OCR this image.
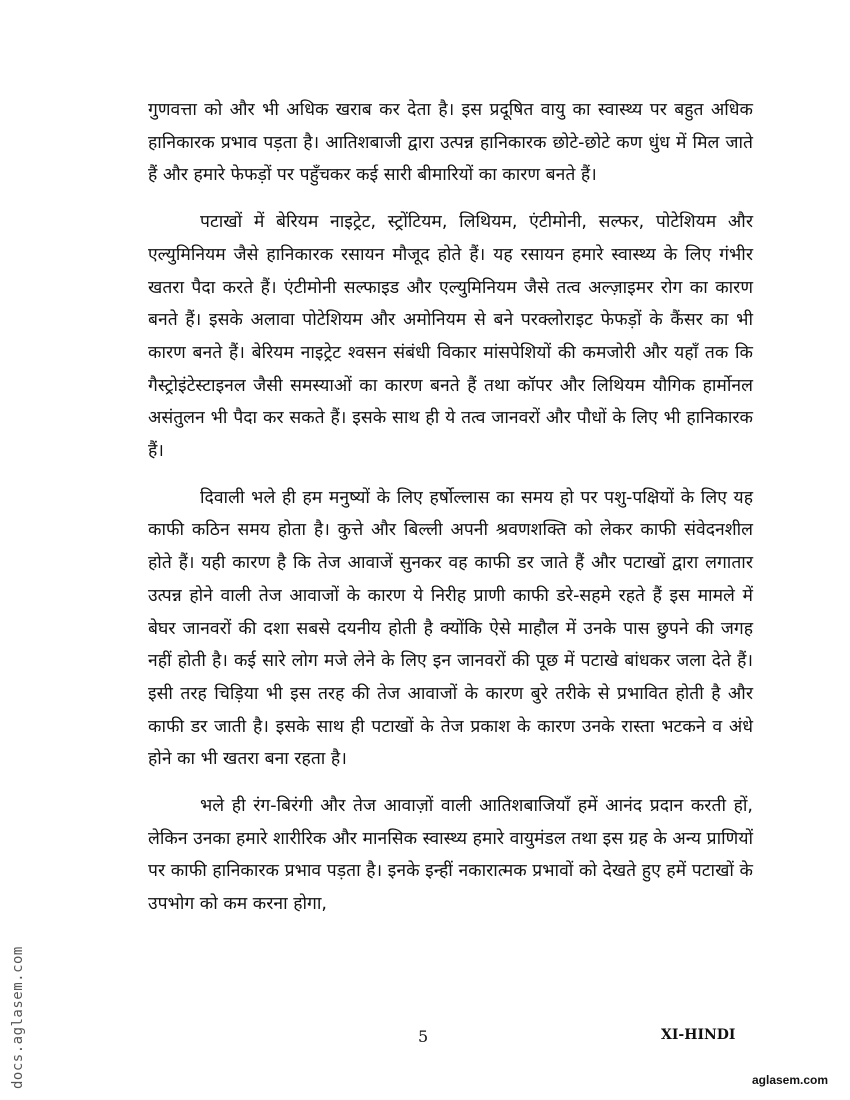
गुणवत्ता को और भी अधिक खराब कर देता है। इस प्रदूषित वायु का स्वास्थ्य पर बहुत अधिक हानिकारक प्रभाव पड़ता है। आतिशबाजी द्वारा उत्पन्न हानिकारक छोटे-छोटे कण धुंध में मिल जाते हैं और हमारे फेफड़ों पर पहुँचकर कई सारी बीमारियों का कारण बनते हैं।

पटाखों में बेरियम नाइट्रेट, स्ट्रोंटियम, लिथियम, एंटीमोनी, सल्फर, पोटेशियम और एल्युमिनियम जैसे हानिकारक रसायन मौजूद होते हैं। यह रसायन हमारे स्वास्थ्य के लिए गंभीर खतरा पैदा करते हैं। एंटीमोनी सल्फाइड और एल्युमिनियम जैसे तत्व अल्ज़ाइमर रोग का कारण बनते हैं। इसके अलावा पोटेशियम और अमोनियम से बने परक्लोराइट फेफड़ों के कैंसर का भी कारण बनते हैं। बेरियम नाइट्रेट श्वसन संबंधी विकार मांसपेशियों की कमजोरी और यहाँ तक कि गैस्ट्रोइंटेस्टाइनल जैसी समस्याओं का कारण बनते हैं तथा कॉपर और लिथियम यौगिक हार्मोनल असंतुलन भी पैदा कर सकते हैं। इसके साथ ही ये तत्व जानवरों और पौधों के लिए भी हानिकारक हैं।

दिवाली भले ही हम मनुष्यों के लिए हर्षोल्लास का समय हो पर पशु-पक्षियों के लिए यह काफी कठिन समय होता है। कुत्ते और बिल्ली अपनी श्रवणशक्ति को लेकर काफी संवेदनशील होते हैं। यही कारण है कि तेज आवाजें सुनकर वह काफी डर जाते हैं और पटाखों द्वारा लगातार उत्पन्न होने वाली तेज आवाजों के कारण ये निरीह प्राणी काफी डरे-सहमे रहते हैं इस मामले में बेघर जानवरों की दशा सबसे दयनीय होती है क्योंकि ऐसे माहौल में उनके पास छुपने की जगह नहीं होती है। कई सारे लोग मजे लेने के लिए इन जानवरों की पूछ में पटाखे बांधकर जला देते हैं। इसी तरह चिड़िया भी इस तरह की तेज आवाजों के कारण बुरे तरीके से प्रभावित होती है और काफी डर जाती है। इसके साथ ही पटाखों के तेज प्रकाश के कारण उनके रास्ता भटकने व अंधे होने का भी खतरा बना रहता है।

भले ही रंग-बिरंगी और तेज आवाज़ों वाली आतिशबाजियाँ हमें आनंद प्रदान करती हों, लेकिन उनका हमारे शारीरिक और मानसिक स्वास्थ्य हमारे वायुमंडल तथा इस ग्रह के अन्य प्राणियों पर काफी हानिकारक प्रभाव पड़ता है। इनके इन्हीं नकारात्मक प्रभावों को देखते हुए हमें पटाखों के उपभोग को कम करना होगा,

5	XI-HINDI
docs.aglasem.com	aglasem.com
